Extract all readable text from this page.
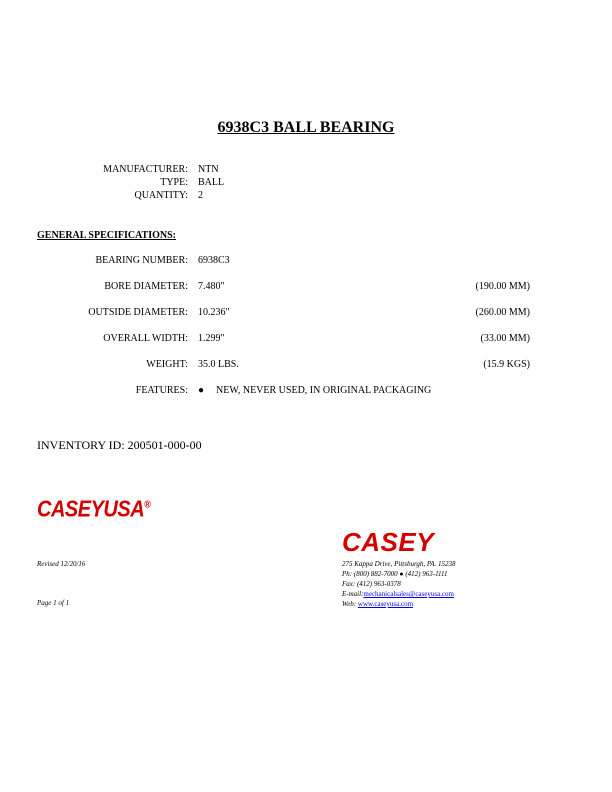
6938C3 BALL BEARING
MANUFACTURER: NTN
TYPE: BALL
QUANTITY: 2
GENERAL SPECIFICATIONS:
BEARING NUMBER: 6938C3
BORE DIAMETER: 7.480"	(190.00 MM)
OUTSIDE DIAMETER: 10.236"	(260.00 MM)
OVERALL WIDTH: 1.299"	(33.00 MM)
WEIGHT: 35.0 LBS.	(15.9 KGS)
FEATURES: ● NEW, NEVER USED, IN ORIGINAL PACKAGING
INVENTORY ID: 200501-000-00
CASEYUSA®
CASEY
Revised 12/20/16
Page 1 of 1
275 Kappa Drive, Pittsburgh, PA. 15238
Ph: (800) 882-7000 ● (412) 963-1111
Fax: (412) 963-0378
E-mail:mechanicalsales@caseyusa.com
Web: www.caseyusa.com
